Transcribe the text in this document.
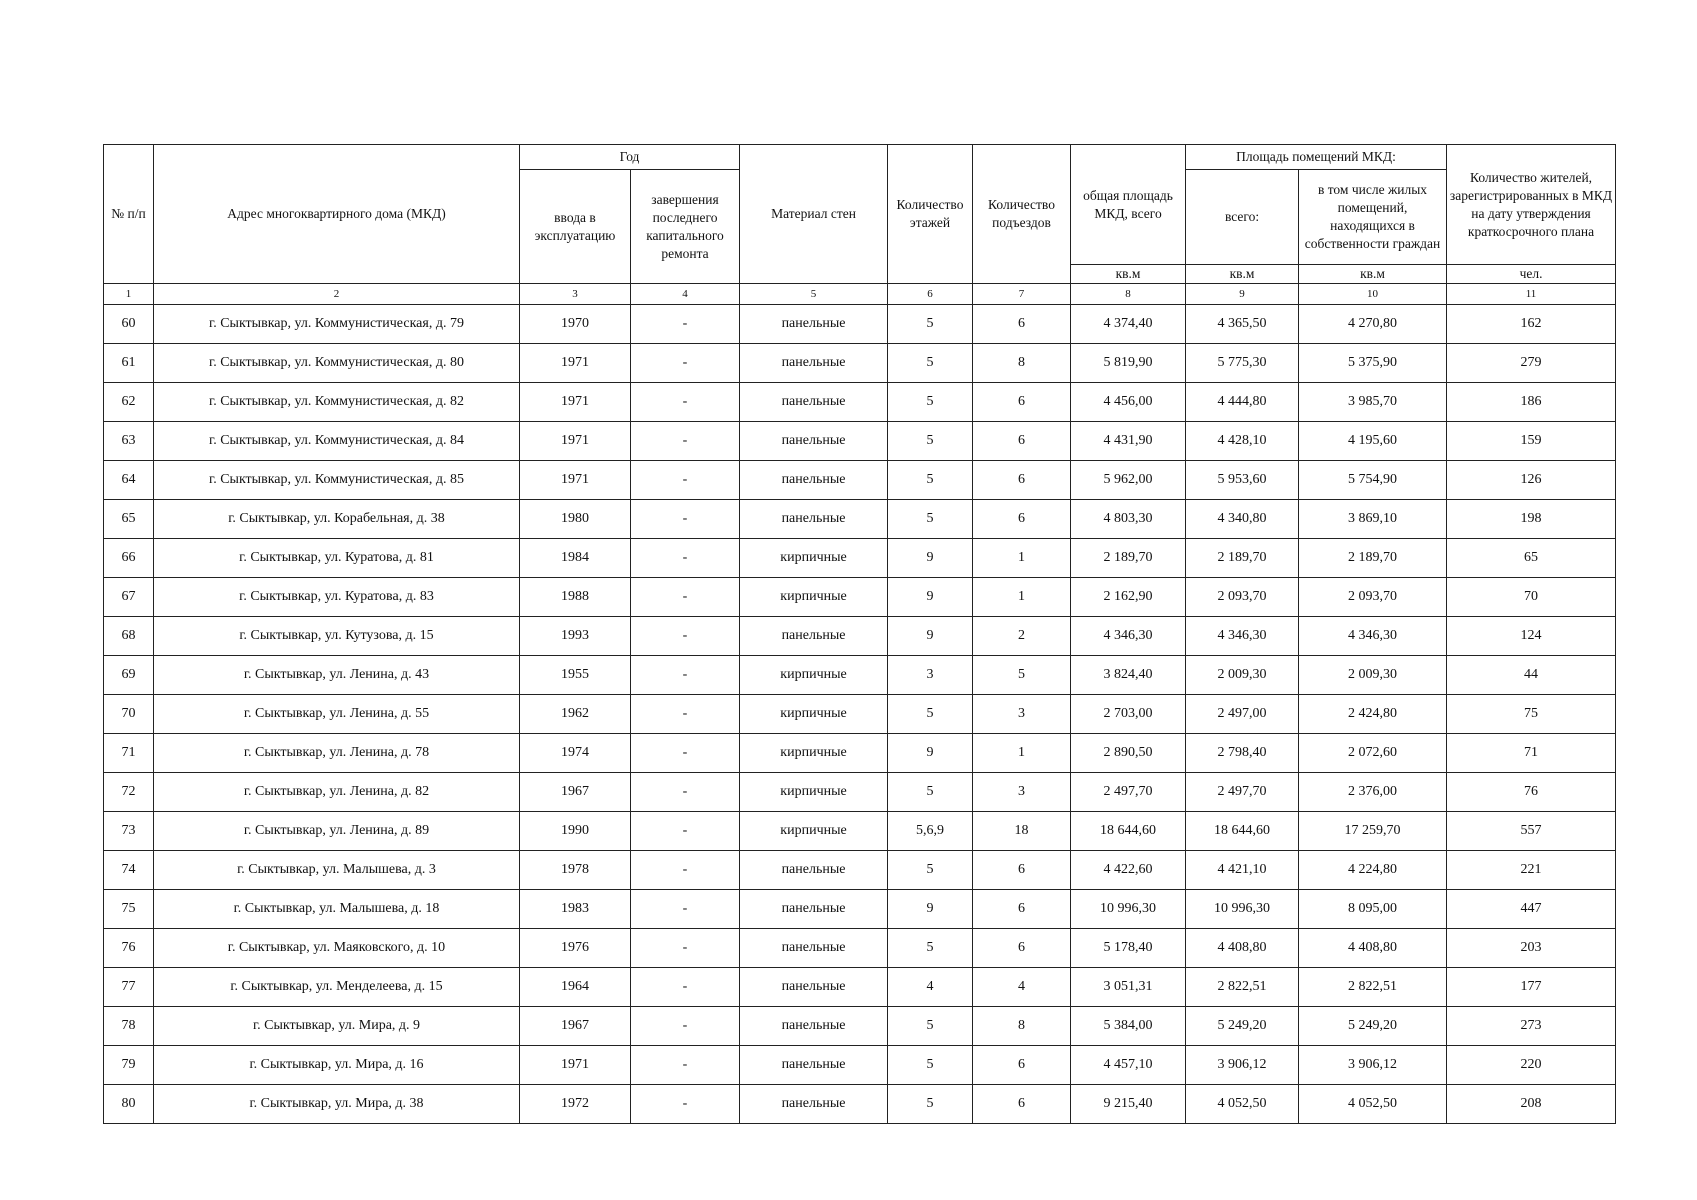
№ п/п	Адрес многоквартирного дома (МКД)	Год		Материал стен	Количество этажей	Количество подъездов	общая площадь МКД, всего	Площадь помещений МКД:		Количество жителей, зарегистрированных в МКД на дату утверждения краткосрочного плана
		ввода в эксплуатацию	завершения последнего капитального ремонта					всего:	в том числе жилых помещений, находящихся в собственности граждан	
							кв.м	кв.м	кв.м	чел.
1	2	3	4	5	6	7	8	9	10	11
60	г. Сыктывкар, ул. Коммунистическая, д. 79	1970	-	панельные	5	6	4 374,40	4 365,50	4 270,80	162
61	г. Сыктывкар, ул. Коммунистическая, д. 80	1971	-	панельные	5	8	5 819,90	5 775,30	5 375,90	279
62	г. Сыктывкар, ул. Коммунистическая, д. 82	1971	-	панельные	5	6	4 456,00	4 444,80	3 985,70	186
63	г. Сыктывкар, ул. Коммунистическая, д. 84	1971	-	панельные	5	6	4 431,90	4 428,10	4 195,60	159
64	г. Сыктывкар, ул. Коммунистическая, д. 85	1971	-	панельные	5	6	5 962,00	5 953,60	5 754,90	126
65	г. Сыктывкар, ул. Корабельная, д. 38	1980	-	панельные	5	6	4 803,30	4 340,80	3 869,10	198
66	г. Сыктывкар, ул. Куратова, д. 81	1984	-	кирпичные	9	1	2 189,70	2 189,70	2 189,70	65
67	г. Сыктывкар, ул. Куратова, д. 83	1988	-	кирпичные	9	1	2 162,90	2 093,70	2 093,70	70
68	г. Сыктывкар, ул. Кутузова, д. 15	1993	-	панельные	9	2	4 346,30	4 346,30	4 346,30	124
69	г. Сыктывкар, ул. Ленина, д. 43	1955	-	кирпичные	3	5	3 824,40	2 009,30	2 009,30	44
70	г. Сыктывкар, ул. Ленина, д. 55	1962	-	кирпичные	5	3	2 703,00	2 497,00	2 424,80	75
71	г. Сыктывкар, ул. Ленина, д. 78	1974	-	кирпичные	9	1	2 890,50	2 798,40	2 072,60	71
72	г. Сыктывкар, ул. Ленина, д. 82	1967	-	кирпичные	5	3	2 497,70	2 497,70	2 376,00	76
73	г. Сыктывкар, ул. Ленина, д. 89	1990	-	кирпичные	5,6,9	18	18 644,60	18 644,60	17 259,70	557
74	г. Сыктывкар, ул. Малышева, д. 3	1978	-	панельные	5	6	4 422,60	4 421,10	4 224,80	221
75	г. Сыктывкар, ул. Малышева, д. 18	1983	-	панельные	9	6	10 996,30	10 996,30	8 095,00	447
76	г. Сыктывкар, ул. Маяковского, д. 10	1976	-	панельные	5	6	5 178,40	4 408,80	4 408,80	203
77	г. Сыктывкар, ул. Менделеева, д. 15	1964	-	панельные	4	4	3 051,31	2 822,51	2 822,51	177
78	г. Сыктывкар, ул. Мира, д. 9	1967	-	панельные	5	8	5 384,00	5 249,20	5 249,20	273
79	г. Сыктывкар, ул. Мира, д. 16	1971	-	панельные	5	6	4 457,10	3 906,12	3 906,12	220
80	г. Сыктывкар, ул. Мира, д. 38	1972	-	панельные	5	6	9 215,40	4 052,50	4 052,50	208
